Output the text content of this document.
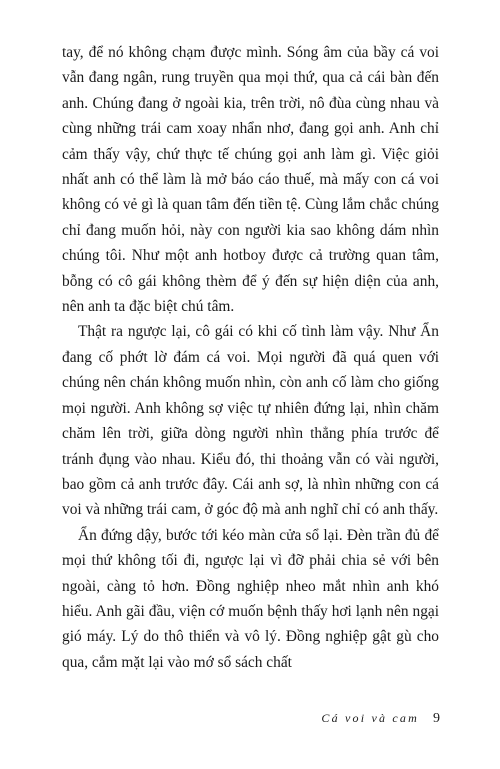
tay, để nó không chạm được mình. Sóng âm của bầy cá voi vẫn đang ngân, rung truyền qua mọi thứ, qua cả cái bàn đến anh. Chúng đang ở ngoài kia, trên trời, nô đùa cùng nhau và cùng những trái cam xoay nhẩn nhơ, đang gọi anh. Anh chỉ cảm thấy vậy, chứ thực tế chúng gọi anh làm gì. Việc giỏi nhất anh có thể làm là mở báo cáo thuế, mà mấy con cá voi không có vẻ gì là quan tâm đến tiền tệ. Cùng lắm chắc chúng chỉ đang muốn hỏi, này con người kia sao không dám nhìn chúng tôi. Như một anh hotboy được cả trường quan tâm, bỗng có cô gái không thèm để ý đến sự hiện diện của anh, nên anh ta đặc biệt chú tâm.

Thật ra ngược lại, cô gái có khi cố tình làm vậy. Như Ẩn đang cố phớt lờ đám cá voi. Mọi người đã quá quen với chúng nên chán không muốn nhìn, còn anh cố làm cho giống mọi người. Anh không sợ việc tự nhiên đứng lại, nhìn chăm chăm lên trời, giữa dòng người nhìn thẳng phía trước để tránh đụng vào nhau. Kiểu đó, thi thoảng vẫn có vài người, bao gồm cả anh trước đây. Cái anh sợ, là nhìn những con cá voi và những trái cam, ở góc độ mà anh nghĩ chỉ có anh thấy.

Ẩn đứng dậy, bước tới kéo màn cửa sổ lại. Đèn trần đủ để mọi thứ không tối đi, ngược lại vì đỡ phải chia sẻ với bên ngoài, càng tỏ hơn. Đồng nghiệp nheo mắt nhìn anh khó hiểu. Anh gãi đầu, viện cớ muốn bệnh thấy hơi lạnh nên ngại gió máy. Lý do thô thiển và vô lý. Đồng nghiệp gật gù cho qua, cắm mặt lại vào mớ sổ sách chất

Cá voi và cam 9
